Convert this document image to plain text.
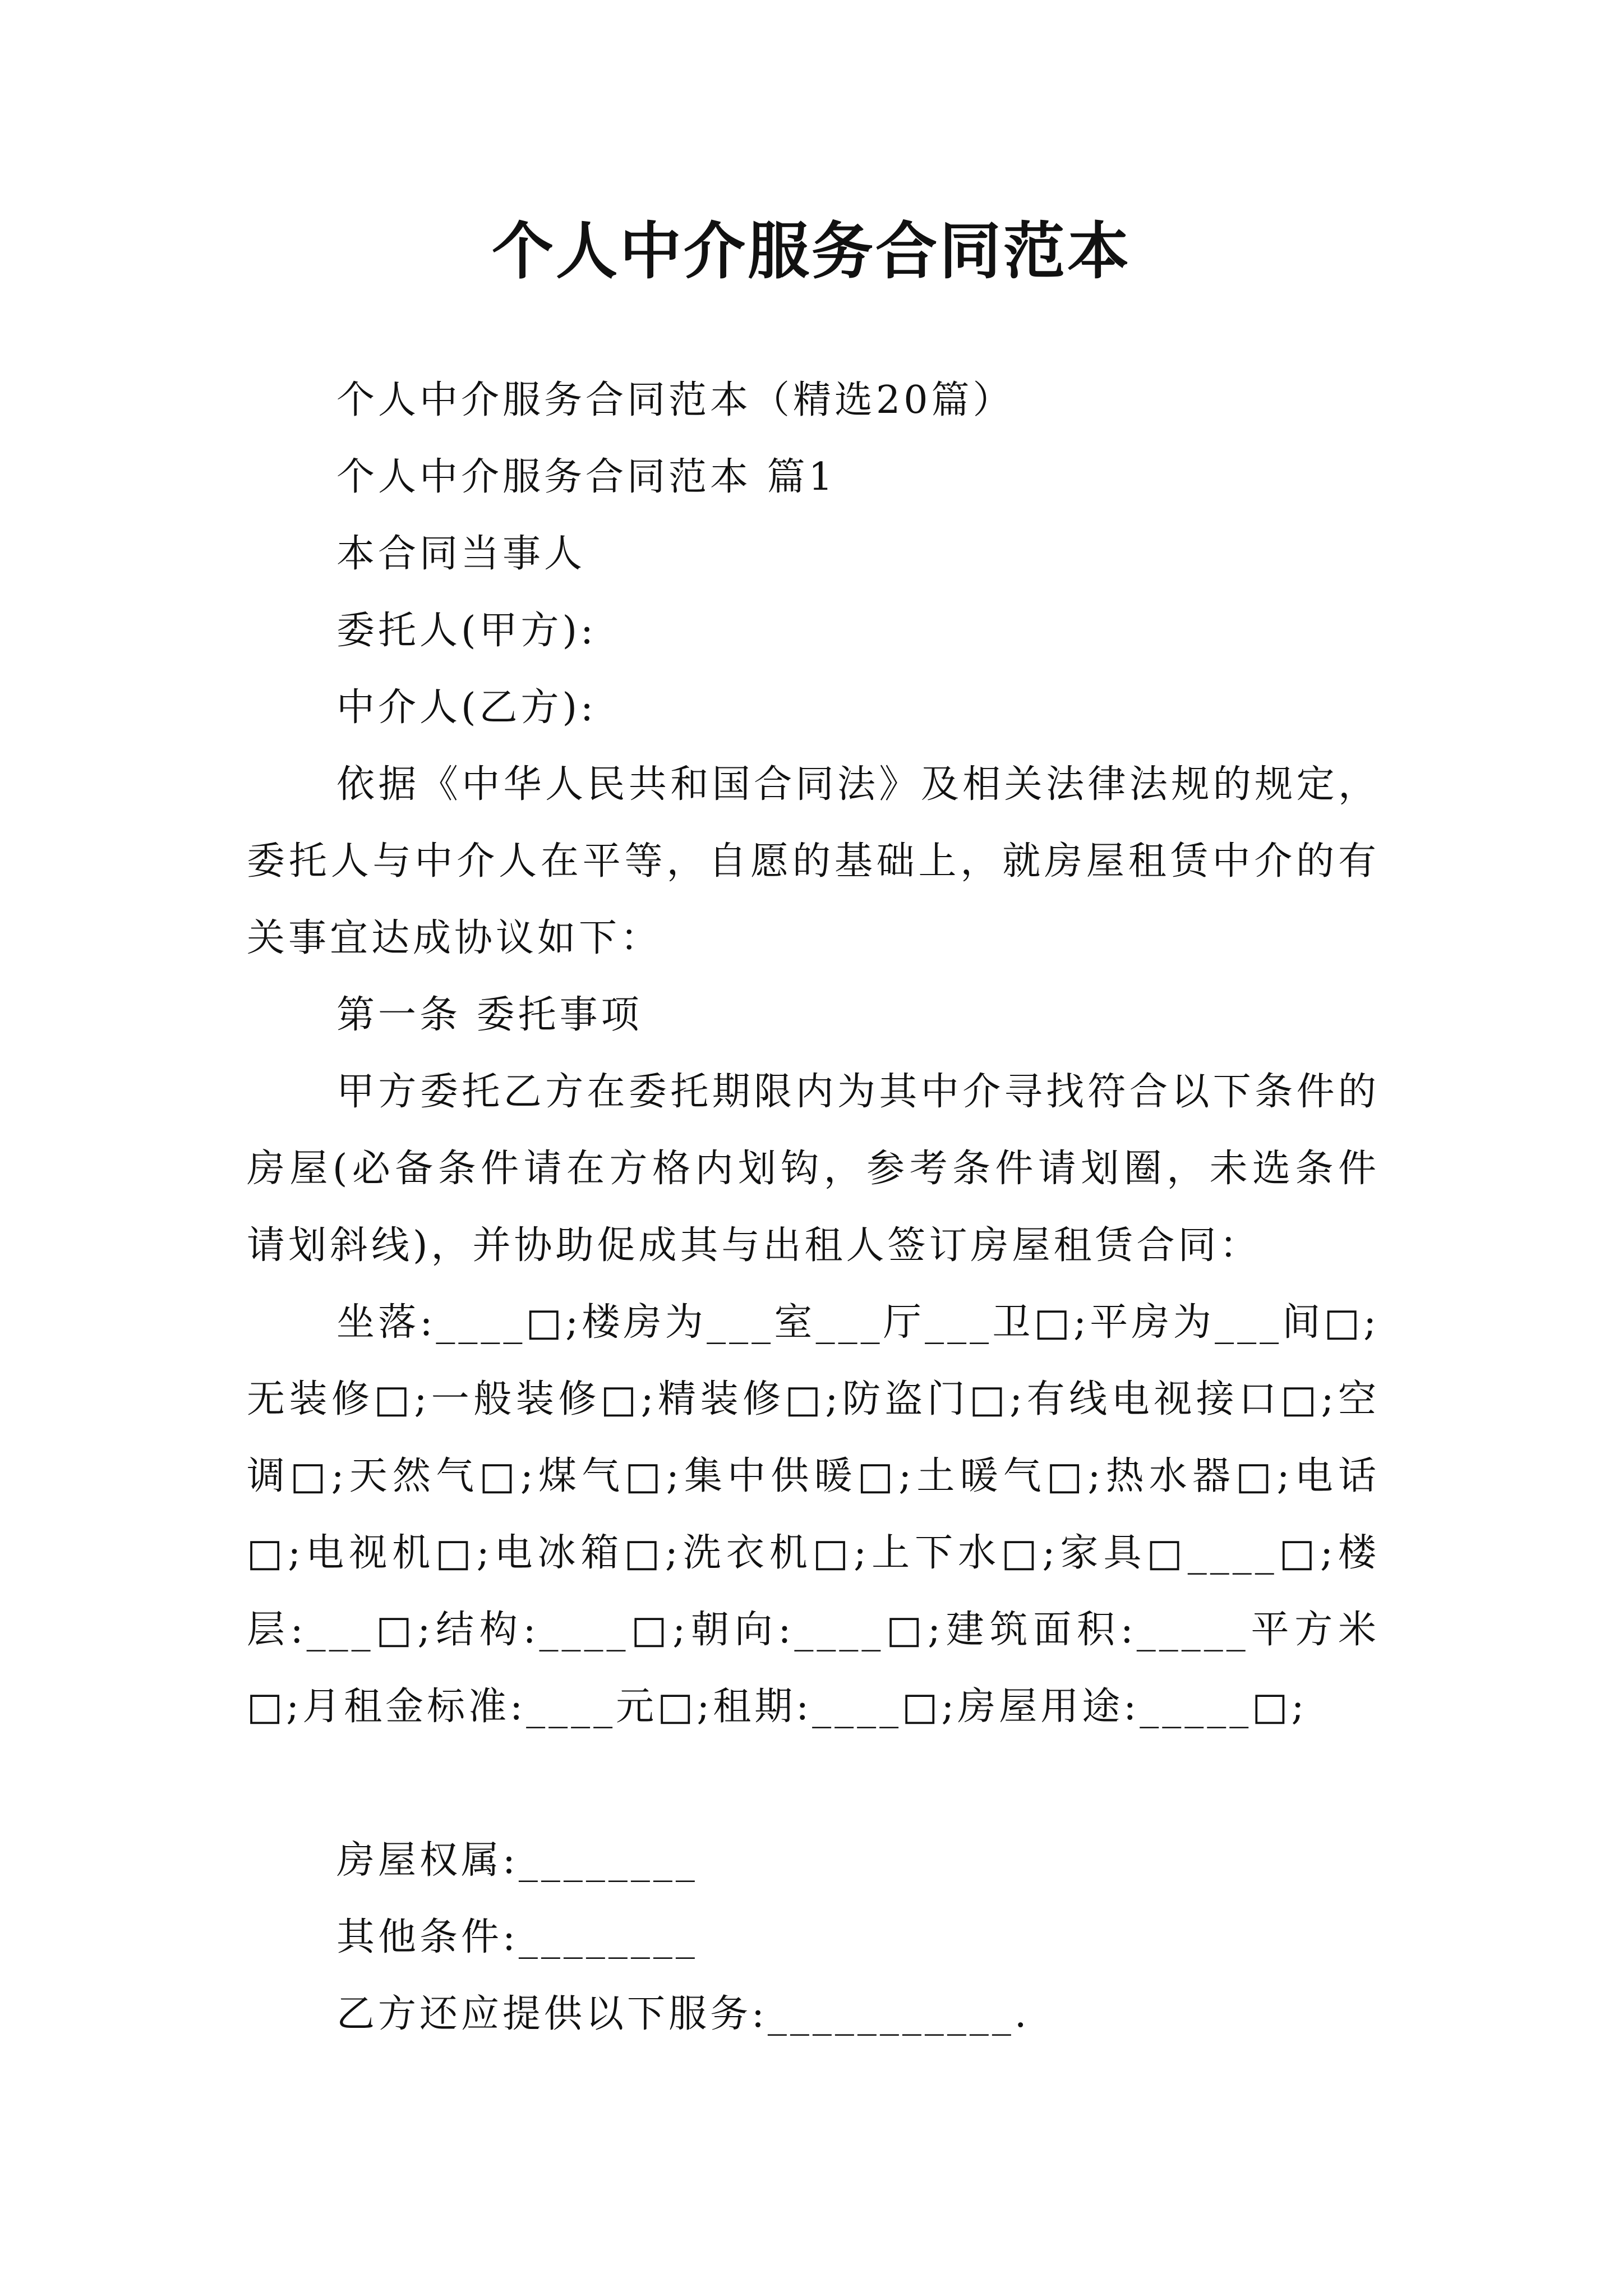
个人中介服务合同范本
个人中介服务合同范本（精选20篇）
个人中介服务合同范本 篇1
本合同当事人
委托人(甲方):
中介人(乙方):
依据《中华人民共和国合同法》及相关法律法规的规定，委托人与中介人在平等，自愿的基础上，就房屋租赁中介的有关事宜达成协议如下：
第一条 委托事项
甲方委托乙方在委托期限内为其中介寻找符合以下条件的房屋(必备条件请在方格内划钩，参考条件请划圈，未选条件请划斜线)，并协助促成其与出租人签订房屋租赁合同：
坐落:____□;楼房为___室___厅___卫□;平房为___间□;无装修□;一般装修□;精装修□;防盗门□;有线电视接口□;空调□;天然气□;煤气□;集中供暖□;土暖气□;热水器□;电话□;电视机□;电冰箱□;洗衣机□;上下水□;家具□____□;楼层:___□;结构:____□;朝向:____□;建筑面积:_____平方米□;月租金标准:____元□;租期:____□;房屋用途:_____□;
房屋权属:________
其他条件:________
乙方还应提供以下服务:___________.
